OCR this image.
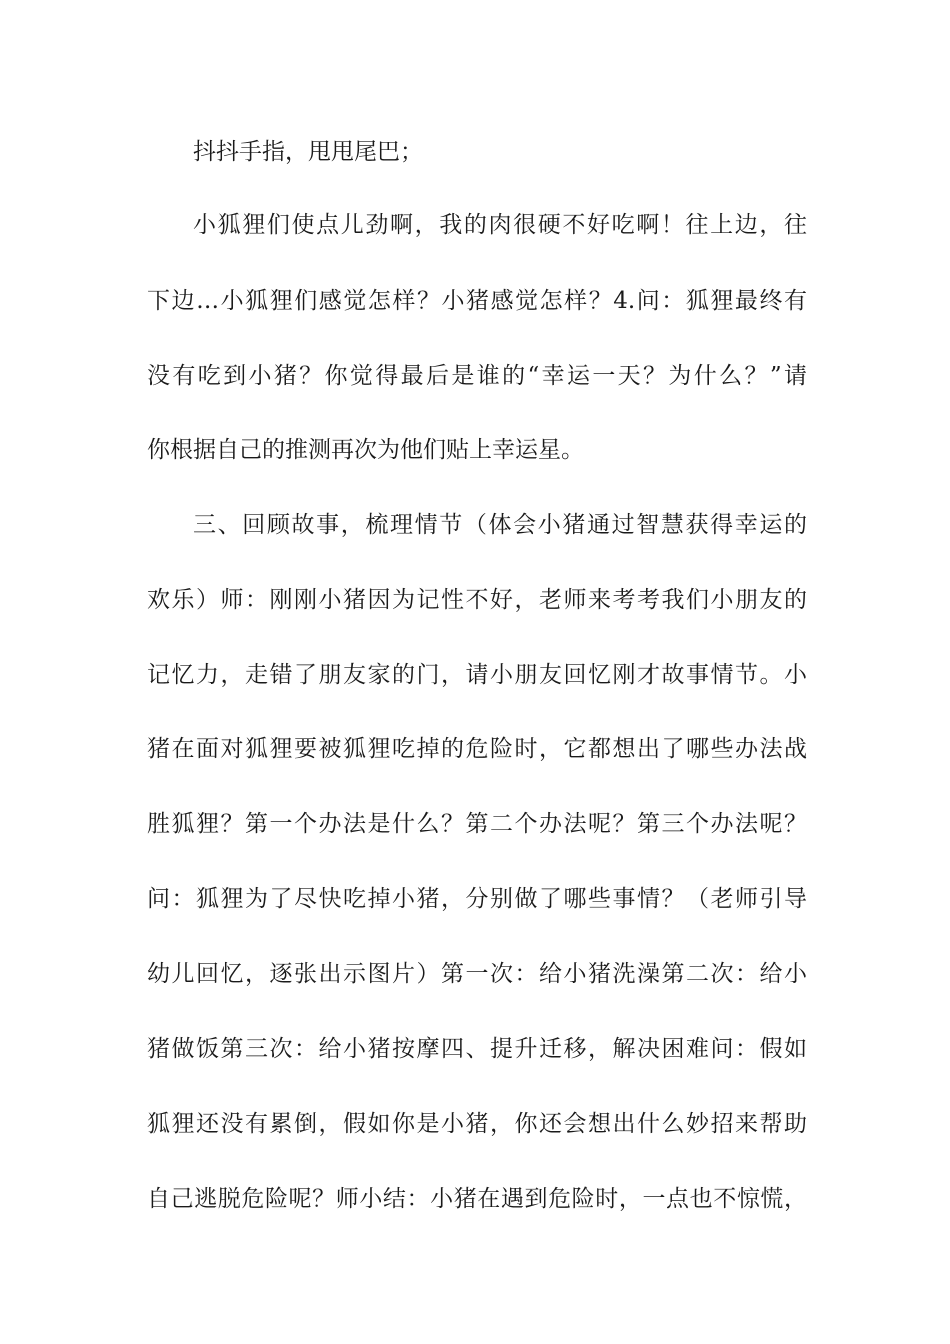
抖抖手指，甩甩尾巴；
小狐狸们使点儿劲啊，我的肉很硬不好吃啊！往上边，往
下边…小狐狸们感觉怎样？小猪感觉怎样？4.问：狐狸最终有
没有吃到小猪？你觉得最后是谁的“幸运一天？为什么？”请
你根据自己的推测再次为他们贴上幸运星。
三、回顾故事，梳理情节（体会小猪通过智慧获得幸运的
欢乐）师：刚刚小猪因为记性不好，老师来考考我们小朋友的
记忆力，走错了朋友家的门，请小朋友回忆刚才故事情节。小
猪在面对狐狸要被狐狸吃掉的危险时，它都想出了哪些办法战
胜狐狸？第一个办法是什么？第二个办法呢？第三个办法呢？
问：狐狸为了尽快吃掉小猪，分别做了哪些事情？（老师引导
幼儿回忆，逐张出示图片）第一次：给小猪洗澡第二次：给小
猪做饭第三次：给小猪按摩四、提升迁移，解决困难问：假如
狐狸还没有累倒，假如你是小猪，你还会想出什么妙招来帮助
自己逃脱危险呢？师小结：小猪在遇到危险时，一点也不惊慌，
